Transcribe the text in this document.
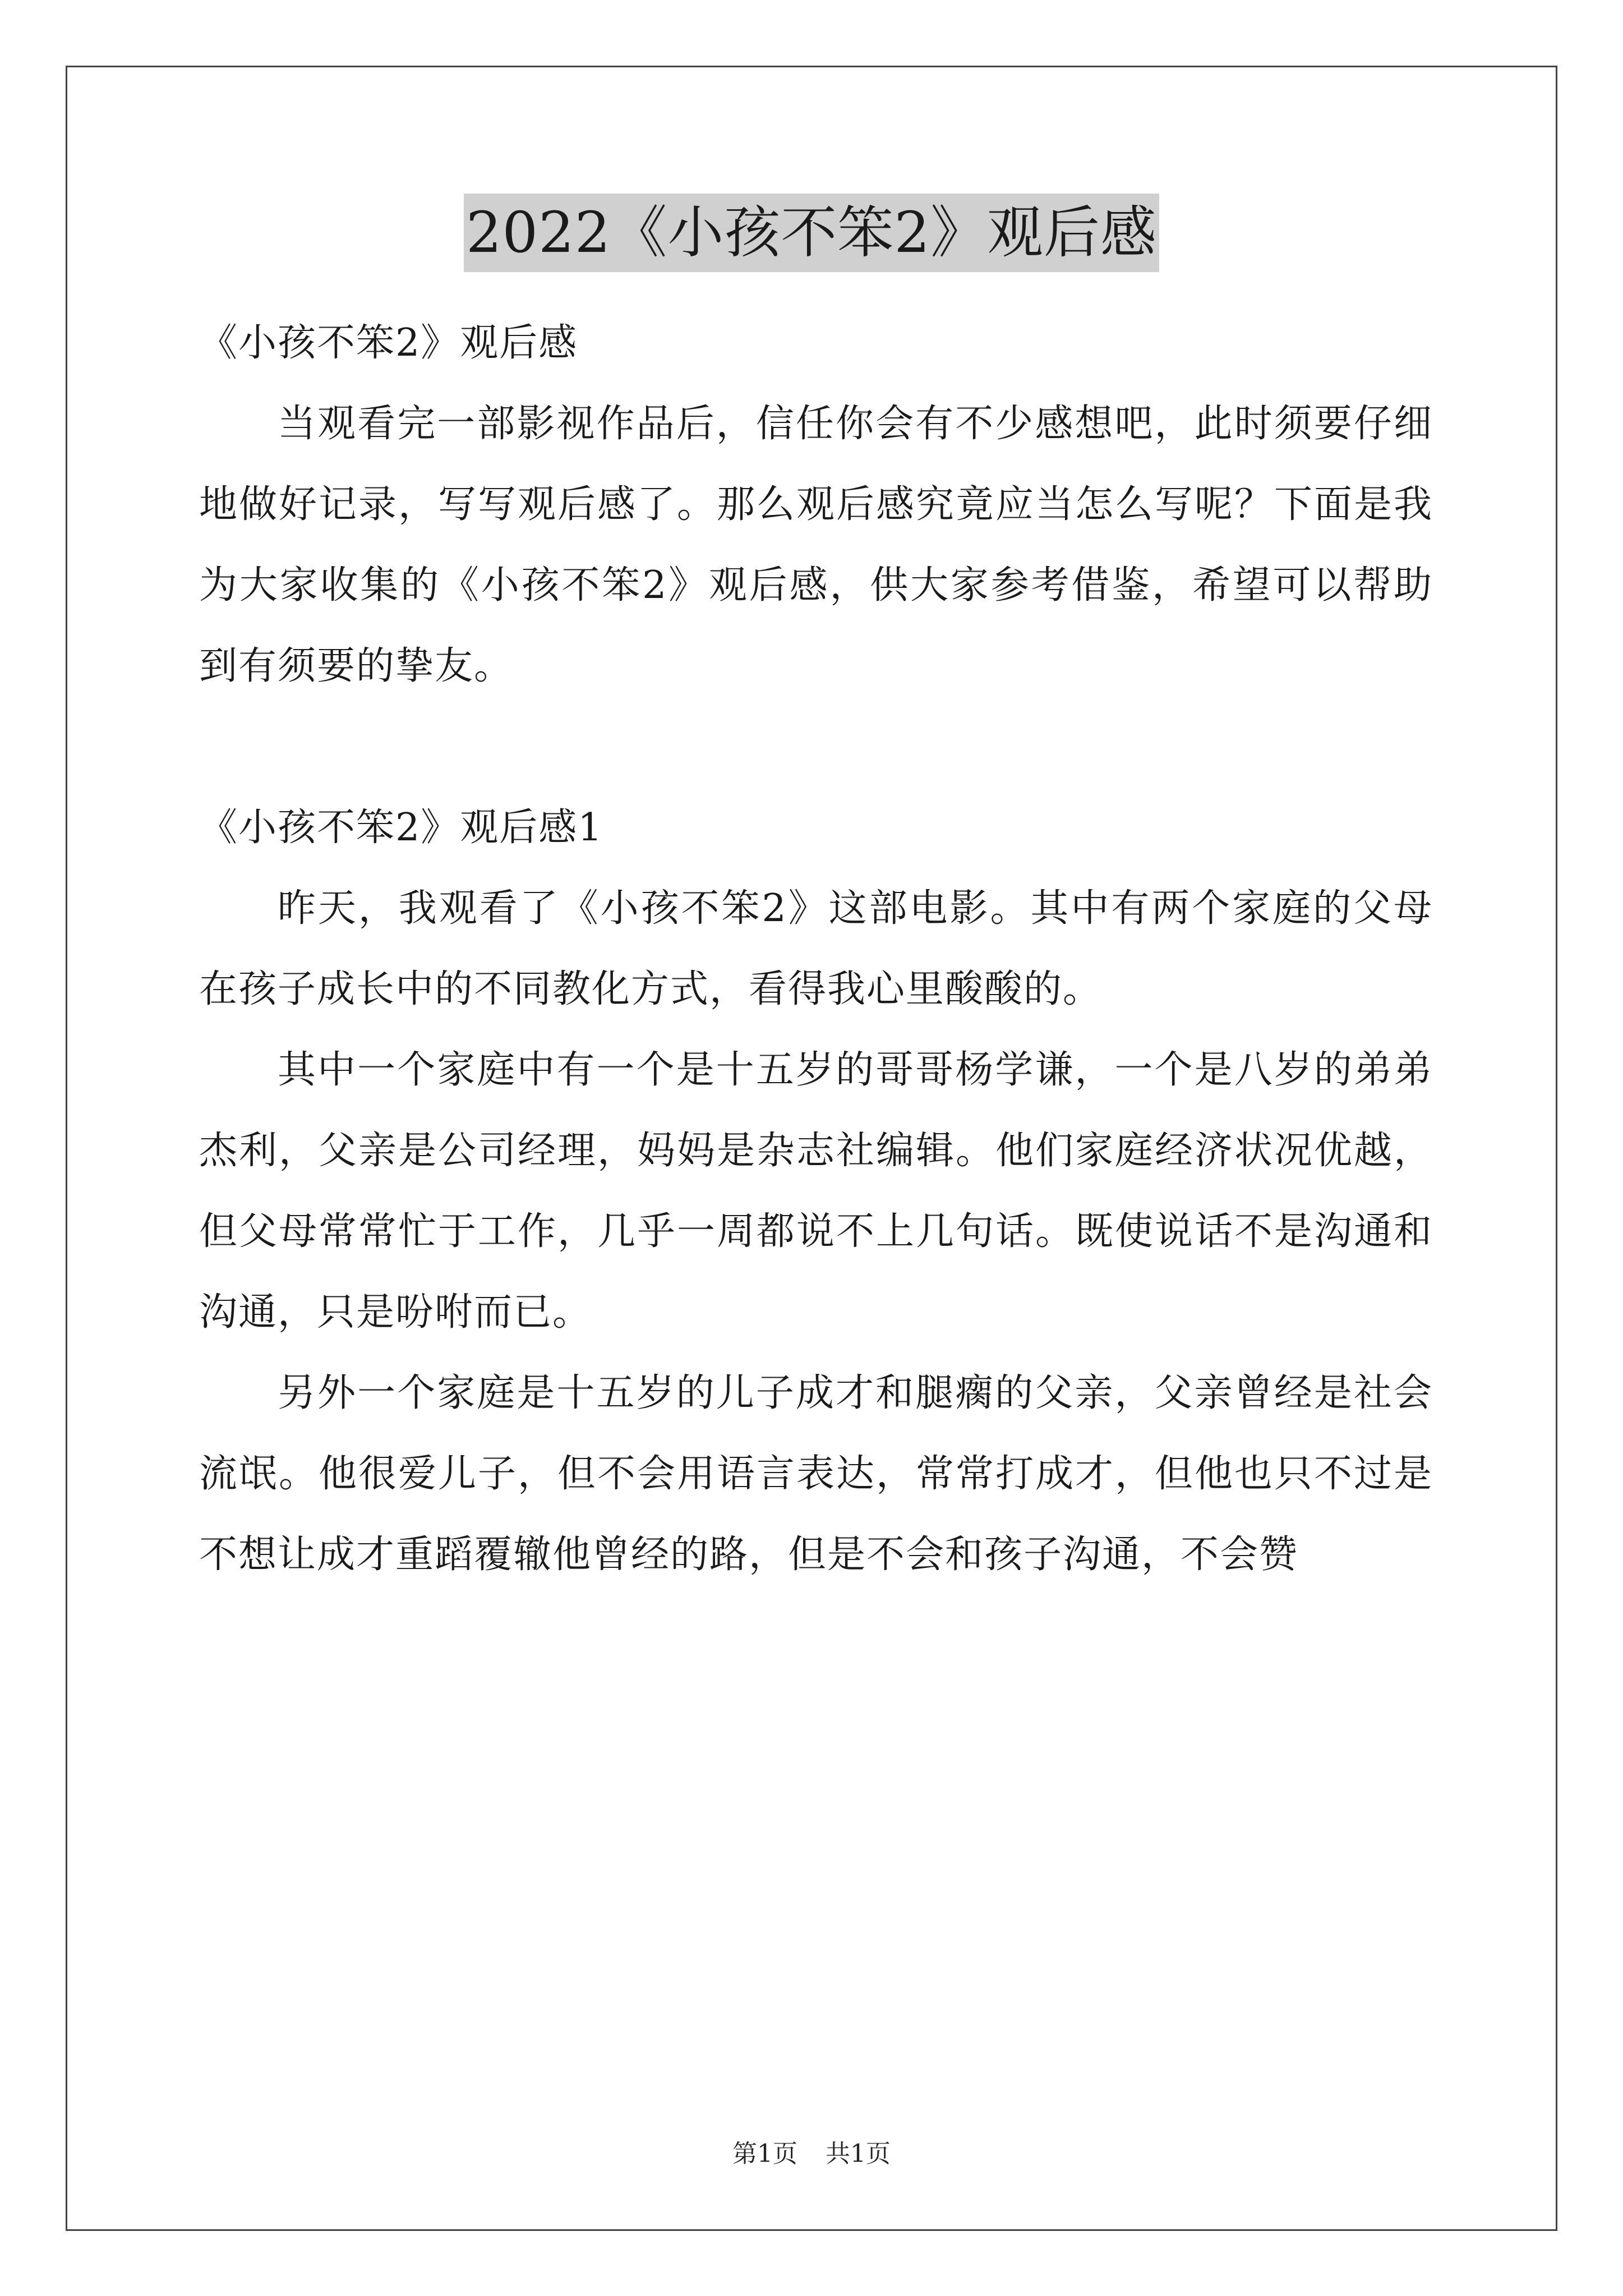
2022《小孩不笨2》观后感

《小孩不笨2》观后感

当观看完一部影视作品后，信任你会有不少感想吧，此时须要仔细地做好记录，写写观后感了。那么观后感究竟应当怎么写呢？下面是我为大家收集的《小孩不笨2》观后感，供大家参考借鉴，希望可以帮助到有须要的挚友。

《小孩不笨2》观后感1

昨天，我观看了《小孩不笨2》这部电影。其中有两个家庭的父母在孩子成长中的不同教化方式，看得我心里酸酸的。

其中一个家庭中有一个是十五岁的哥哥杨学谦，一个是八岁的弟弟杰利，父亲是公司经理，妈妈是杂志社编辑。他们家庭经济状况优越，但父母常常忙于工作，几乎一周都说不上几句话。既使说话不是沟通和沟通，只是吩咐而已。

另外一个家庭是十五岁的儿子成才和腿瘸的父亲，父亲曾经是社会流氓。他很爱儿子，但不会用语言表达，常常打成才，但他也只不过是不想让成才重蹈覆辙他曾经的路，但是不会和孩子沟通，不会赞

第1页 共1页
